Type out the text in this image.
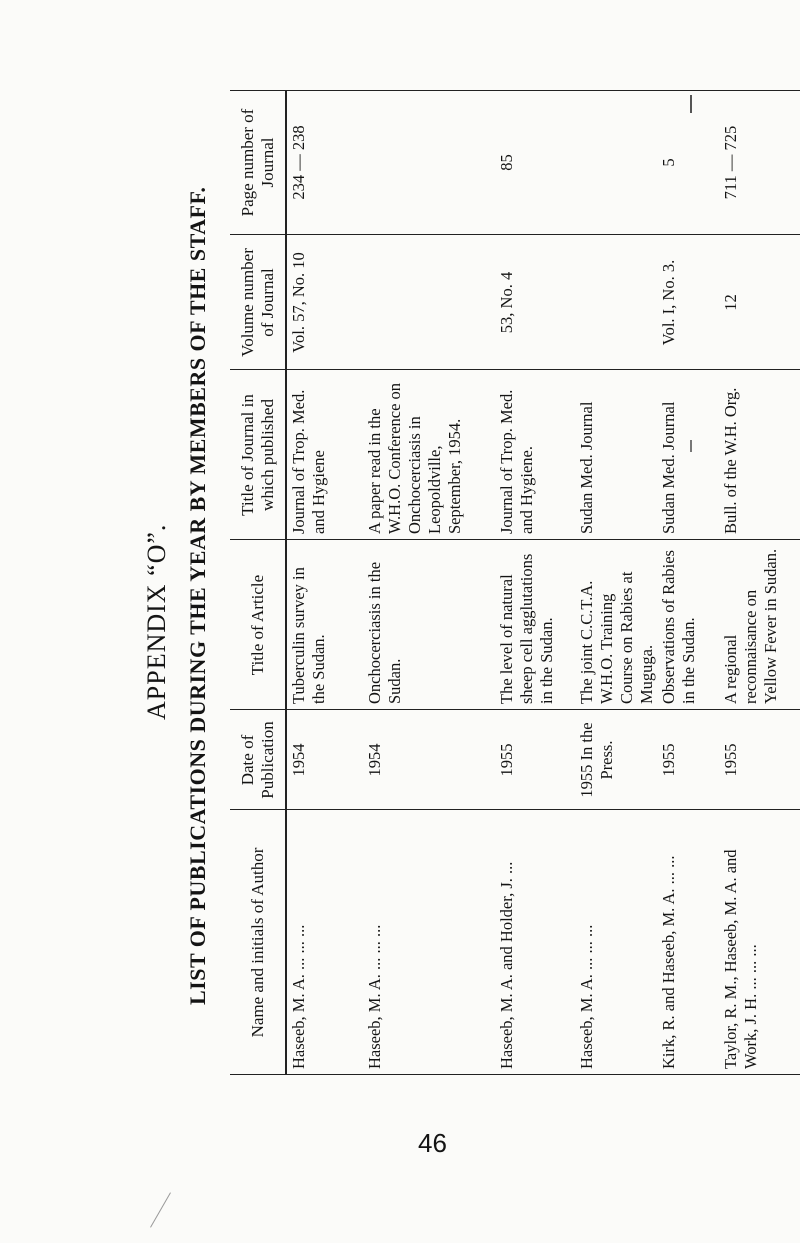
APPENDIX “O”. LIST OF PUBLICATIONS DURING THE YEAR BY MEMBERS OF THE STAFF.	Name and initials of Author
Date of Publication
Title of Article
Title of Journal in which published
Volume number of Journal
Page number of Journal
Haseeb, M. A. ... ... ...
1954
Tuberculin survey in the Sudan.
Journal of Trop. Med. and Hygiene
Vol. 57, No. 10
234 — 238
Haseeb, M. A. ... ... ...
1954
Onchocerciasis in the Sudan.
A paper read in the W.H.O. Conference on Onchocerciasis in Leopoldville, September, 1954.
Haseeb, M. A. and Holder, J. ...
1955
The level of natural sheep cell agglutations in the Sudan.
Journal of Trop. Med. and Hygiene.
53, No. 4
85
Haseeb, M. A. ... ... ...
1955 In the Press.
The joint C.C.T.A. W.H.O. Training Course on Rabies at Muguga.
Sudan Med. Journal
Kirk, R. and Haseeb, M. A. ... ...
1955
Observations of Rabies in the Sudan.
Sudan Med. Journal
Vol. I, No. 3.
5
Taylor, R. M., Haseeb, M. A. and Work, J. H. ... ... ...
1955
A regional reconnaisance on Yellow Fever in Sudan.
Bull. of the W.H. Org.
12
711 — 725
46
